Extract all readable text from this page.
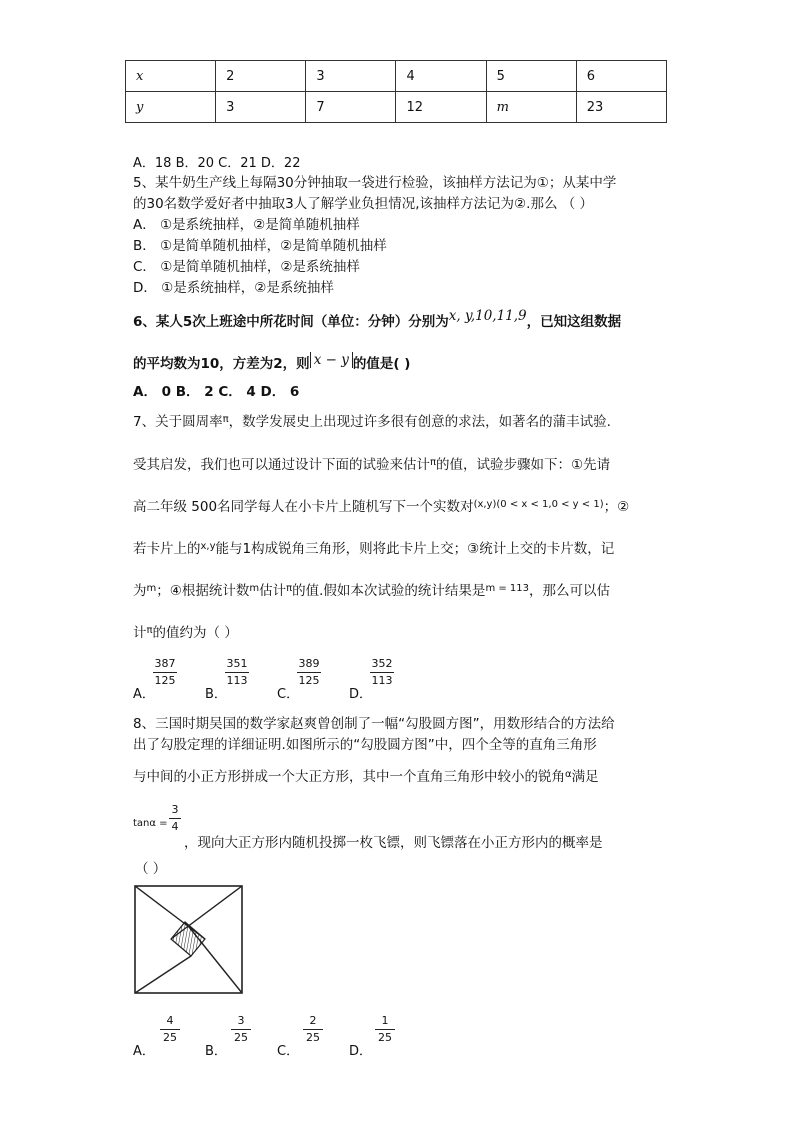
x	2	3	4	5	6
y	3	7	12	m	23
A．18 B．20 C．21 D．22
5、某牛奶生产线上每隔30分钟抽取一袋进行检验，该抽样方法记为①；从某中学
的30名数学爱好者中抽取3人了解学业负担情况,该抽样方法记为②.那么 （ ）
A． ①是系统抽样，②是简单随机抽样
B． ①是简单随机抽样，②是简单随机抽样
C． ①是简单随机抽样，②是系统抽样
D． ①是系统抽样，②是系统抽样
6、某人5次上班途中所花时间（单位：分钟）分别为x, y,10,11,9，已知这组数据
的平均数为10，方差为2，则 x − y 的值是( )
A． 0 B． 2 C． 4 D． 6
7、关于圆周率$^\pi$，数学发展史上出现过许多很有创意的求法，如著名的蒲丰试验.
受其启发，我们也可以通过设计下面的试验来估计$^\pi$的值，试验步骤如下：①先请
高二年级 500名同学每人在小卡片上随机写下一个实数对$^{(x,y)(0 < x < 1,0 < y < 1)}$；②
若卡片上的$^{x,y}$能与1构成锐角三角形，则将此卡片上交；③统计上交的卡片数，记
为$^m$；④根据统计数$^m$估计$^\pi$的值.假如本次试验的统计结果是$^{m = 113}$，那么可以估
计$^\pi$的值约为（ ）
A．
387
125
B．
351
113
C．
389
125
D．
352
113
8、三国时期吴国的数学家赵爽曾创制了一幅“勾股圆方图”，用数形结合的方法给
出了勾股定理的详细证明.如图所示的“勾股圆方图”中，四个全等的直角三角形
与中间的小正方形拼成一个大正方形，其中一个直角三角形中较小的锐角$^\alpha$满足
tanα =
3
4
，现向大正方形内随机投掷一枚飞镖，则飞镖落在小正方形内的概率是
（ ）
A．
4
25
B．
3
25
C．
2
25
D．
1
25
